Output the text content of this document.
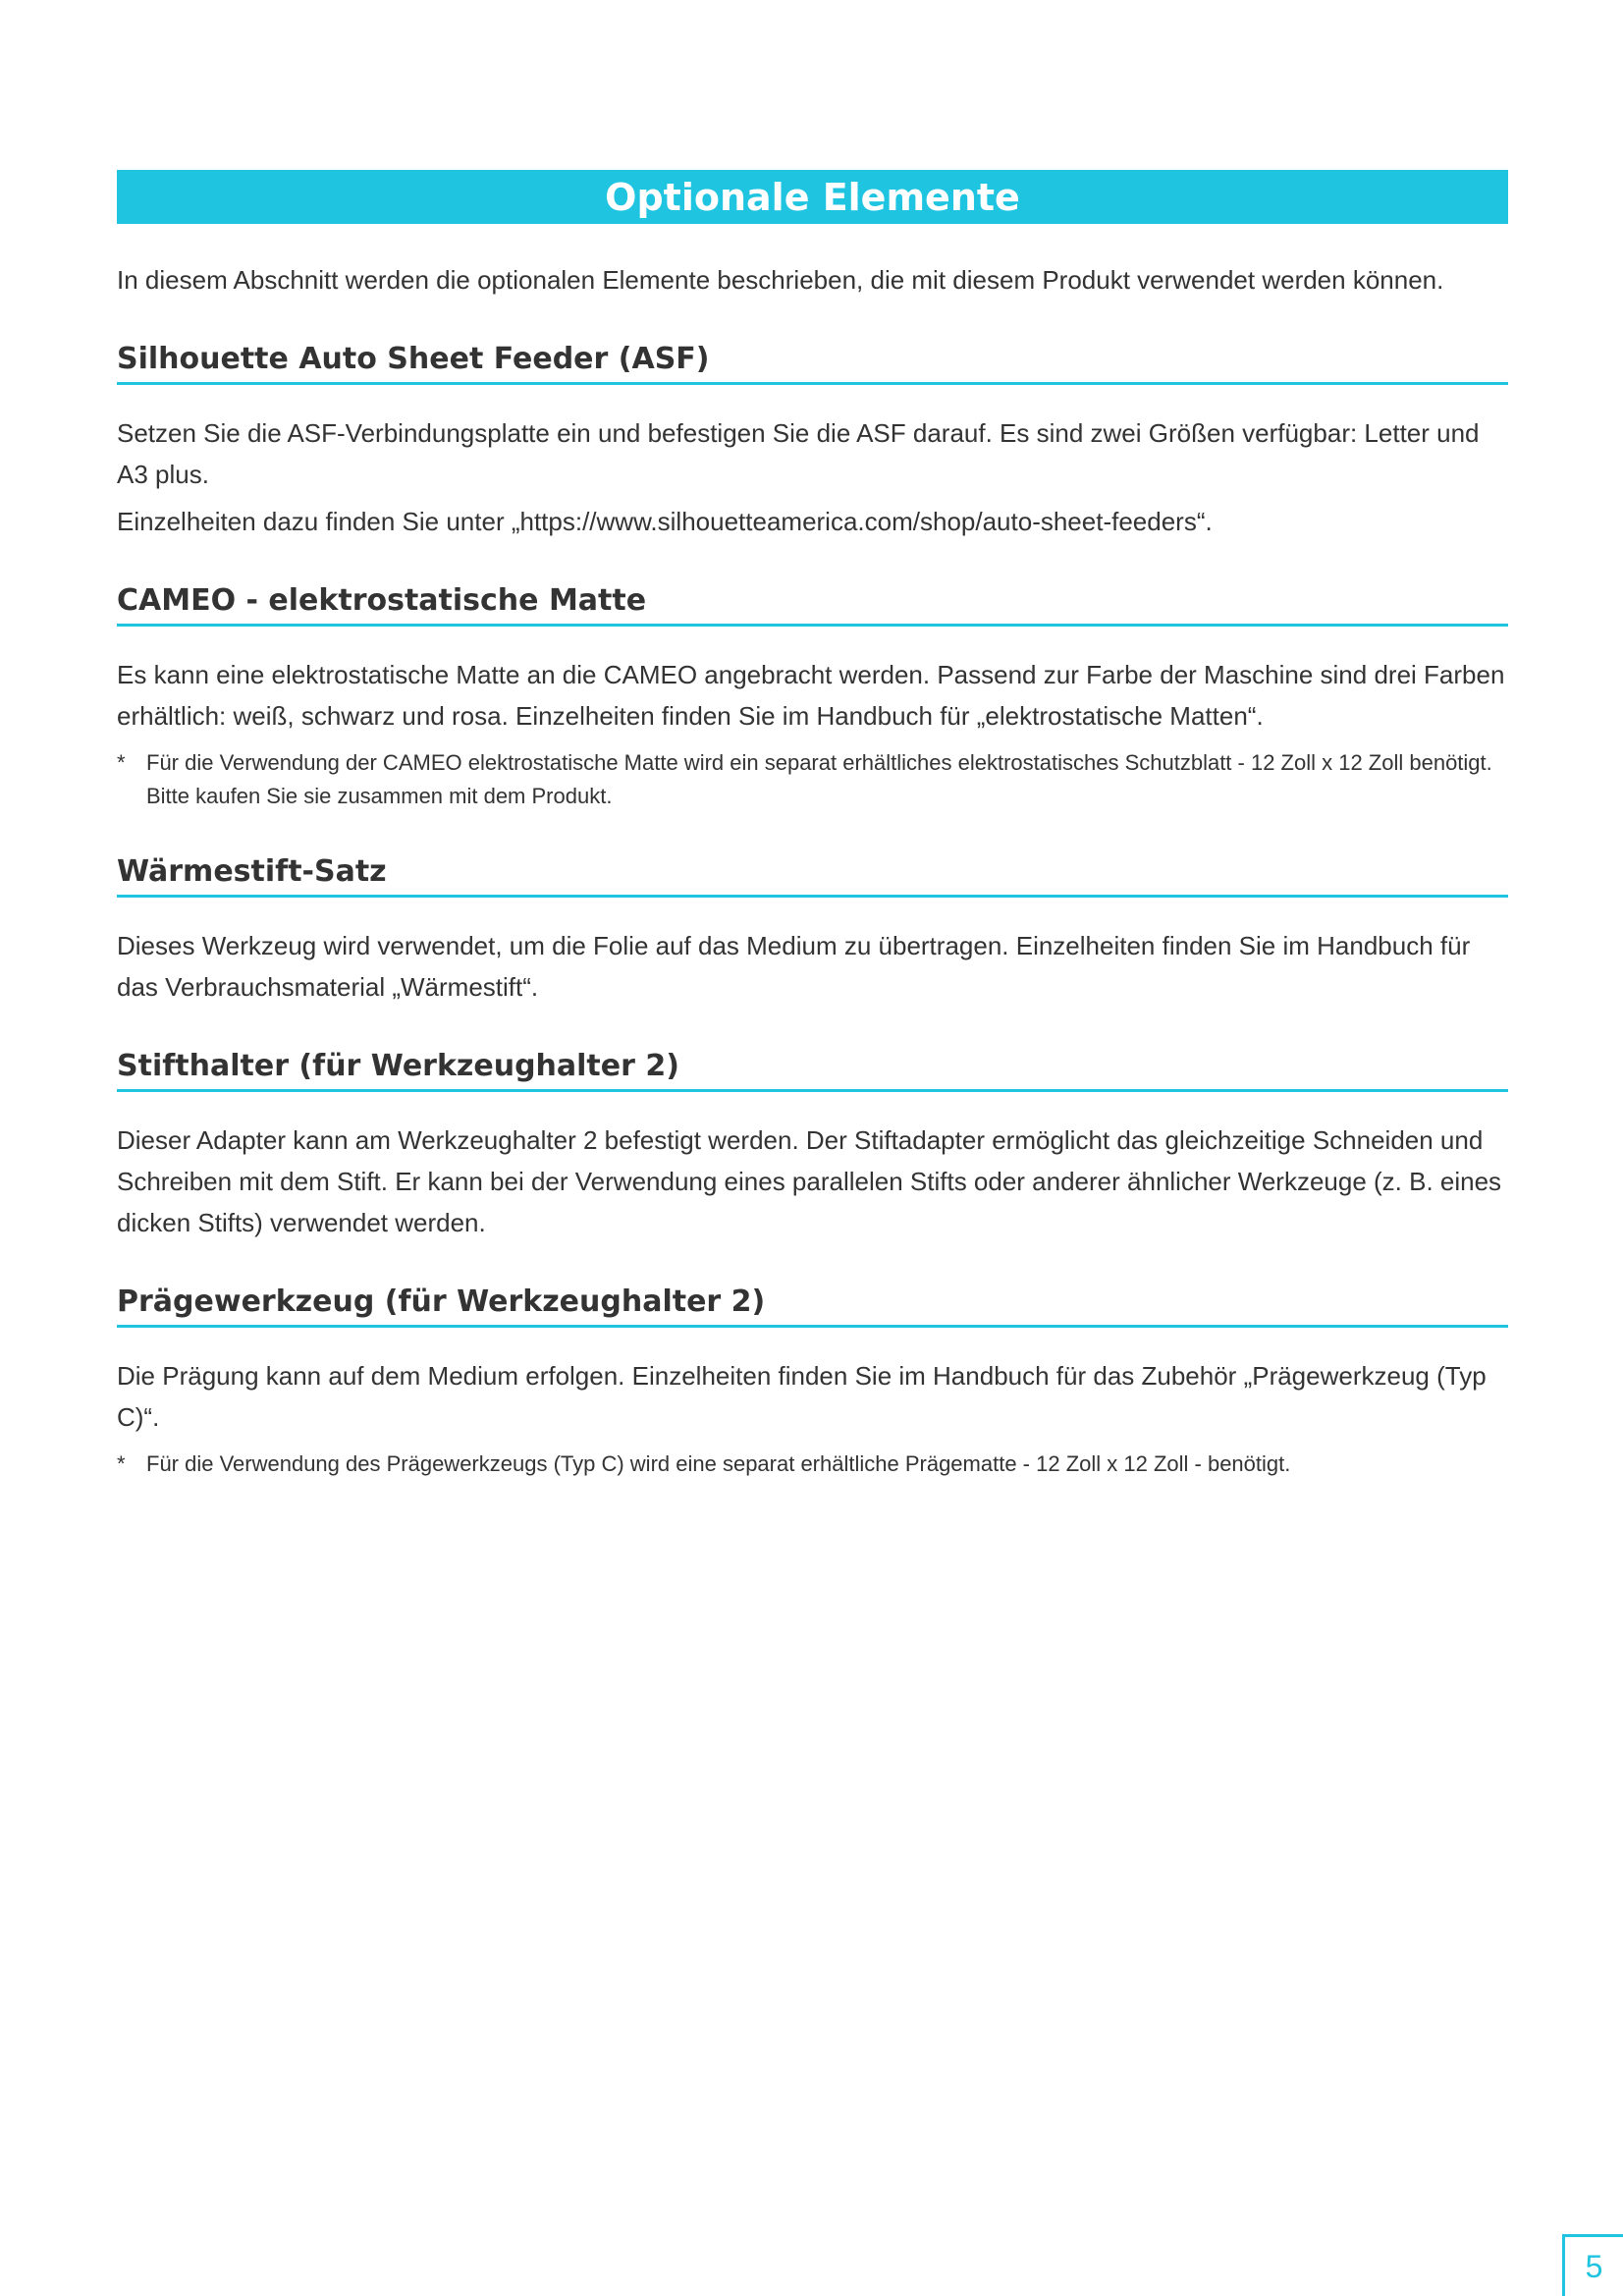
Optionale Elemente

In diesem Abschnitt werden die optionalen Elemente beschrieben, die mit diesem Produkt verwendet werden können.

Silhouette Auto Sheet Feeder (ASF)

Setzen Sie die ASF-Verbindungsplatte ein und befestigen Sie die ASF darauf. Es sind zwei Größen verfügbar: Letter und A3 plus.

Einzelheiten dazu finden Sie unter „https://www.silhouetteamerica.com/shop/auto-sheet-feeders“.

CAMEO - elektrostatische Matte

Es kann eine elektrostatische Matte an die CAMEO angebracht werden. Passend zur Farbe der Maschine sind drei Farben erhältlich: weiß, schwarz und rosa. Einzelheiten finden Sie im Handbuch für „elektrostatische Matten“.

* Für die Verwendung der CAMEO elektrostatische Matte wird ein separat erhältliches elektrostatisches Schutzblatt - 12 Zoll x 12 Zoll benötigt. Bitte kaufen Sie sie zusammen mit dem Produkt.
Wärmestift-Satz

Dieses Werkzeug wird verwendet, um die Folie auf das Medium zu übertragen. Einzelheiten finden Sie im Handbuch für das Verbrauchsmaterial „Wärmestift“.

Stifthalter (für Werkzeughalter 2)

Dieser Adapter kann am Werkzeughalter 2 befestigt werden. Der Stiftadapter ermöglicht das gleichzeitige Schneiden und Schreiben mit dem Stift. Er kann bei der Verwendung eines parallelen Stifts oder anderer ähnlicher Werkzeuge (z. B. eines dicken Stifts) verwendet werden.

Prägewerkzeug (für Werkzeughalter 2)

Die Prägung kann auf dem Medium erfolgen. Einzelheiten finden Sie im Handbuch für das Zubehör „Prägewerkzeug (Typ C)“.

* Für die Verwendung des Prägewerkzeugs (Typ C) wird eine separat erhältliche Prägematte - 12 Zoll x 12 Zoll - benötigt.
5
